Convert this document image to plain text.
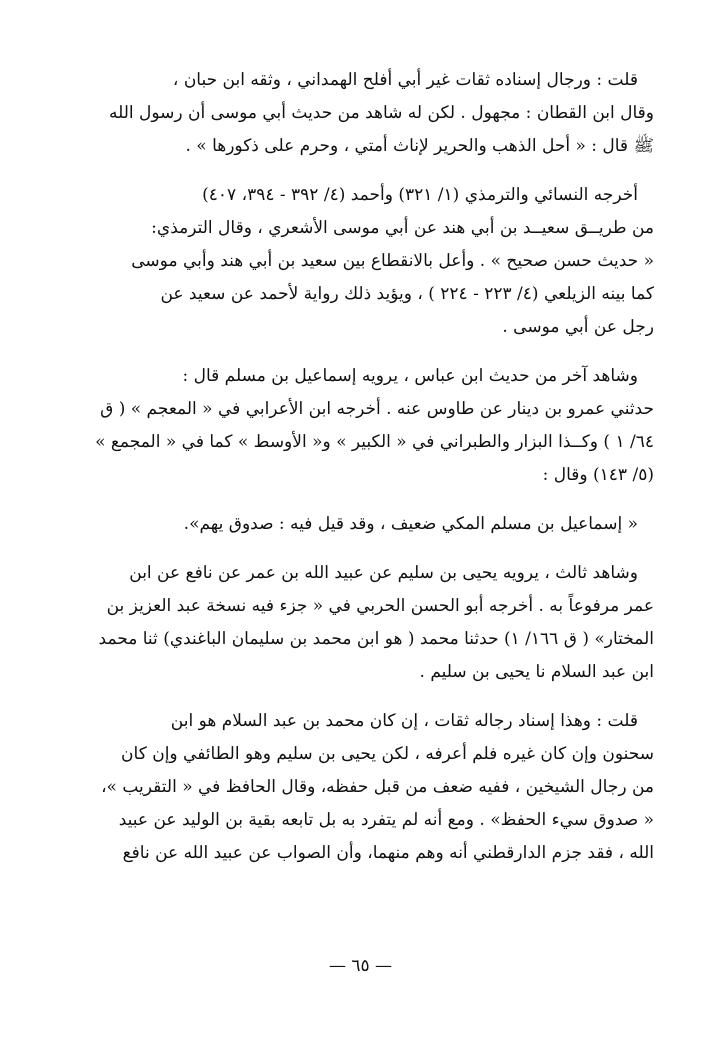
قلت : ورجال إسناده ثقات غير أبي أفلح الهمداني ، وثقه ابن حبان ،
وقال ابن القطان : مجهول . لكن له شاهد من حديث أبي موسى أن رسول الله
ﷺ قال : « أحل الذهب والحرير لإناث أمتي ، وحرم على ذكورها » .
أخرجه النسائي والترمذي (١/ ٣٢١) وأحمد (٤/ ٣٩٢ - ٣٩٤، ٤٠٧)
من طريــق سعيــد بن أبي هند عن أبي موسى الأشعري ، وقال الترمذي:
« حديث حسن صحيح » . وأعل بالانقطاع بين سعيد بن أبي هند وأبي موسى
كما بينه الزيلعي (٤/ ٢٢٣ - ٢٢٤ ) ، ويؤيد ذلك رواية لأحمد عن سعيد عن
رجل عن أبي موسى .
وشاهد آخر من حديث ابن عباس ، يرويه إسماعيل بن مسلم قال :
حدثني عمرو بن دينار عن طاوس عنه . أخرجه ابن الأعرابي في « المعجم » ( ق
٦٤/ ١ ) وكــذا البزار والطبراني في « الكبير » و« الأوسط » كما في « المجمع »
(٥/ ١٤٣) وقال :
« إسماعيل بن مسلم المكي ضعيف ، وقد قيل فيه : صدوق يهم».
وشاهد ثالث ، يرويه يحيى بن سليم عن عبيد الله بن عمر عن نافع عن ابن
عمر مرفوعاً به . أخرجه أبو الحسن الحربي في « جزء فيه نسخة عبد العزيز بن
المختار» ( ق ١٦٦/ ١) حدثنا محمد ( هو ابن محمد بن سليمان الباغندي) ثنا محمد
ابن عبد السلام نا يحيى بن سليم .
قلت : وهذا إسناد رجاله ثقات ، إن كان محمد بن عبد السلام هو ابن
سحنون وإن كان غيره فلم أعرفه ، لكن يحيى بن سليم وهو الطائفي وإن كان
من رجال الشيخين ، ففيه ضعف من قبل حفظه، وقال الحافظ في « التقريب »،
« صدوق سيء الحفظ» . ومع أنه لم يتفرد به بل تابعه بقية بن الوليد عن عبيد
الله ، فقد جزم الدارقطني أنه وهم منهما، وأن الصواب عن عبيد الله عن نافع
— ٦٥ —
